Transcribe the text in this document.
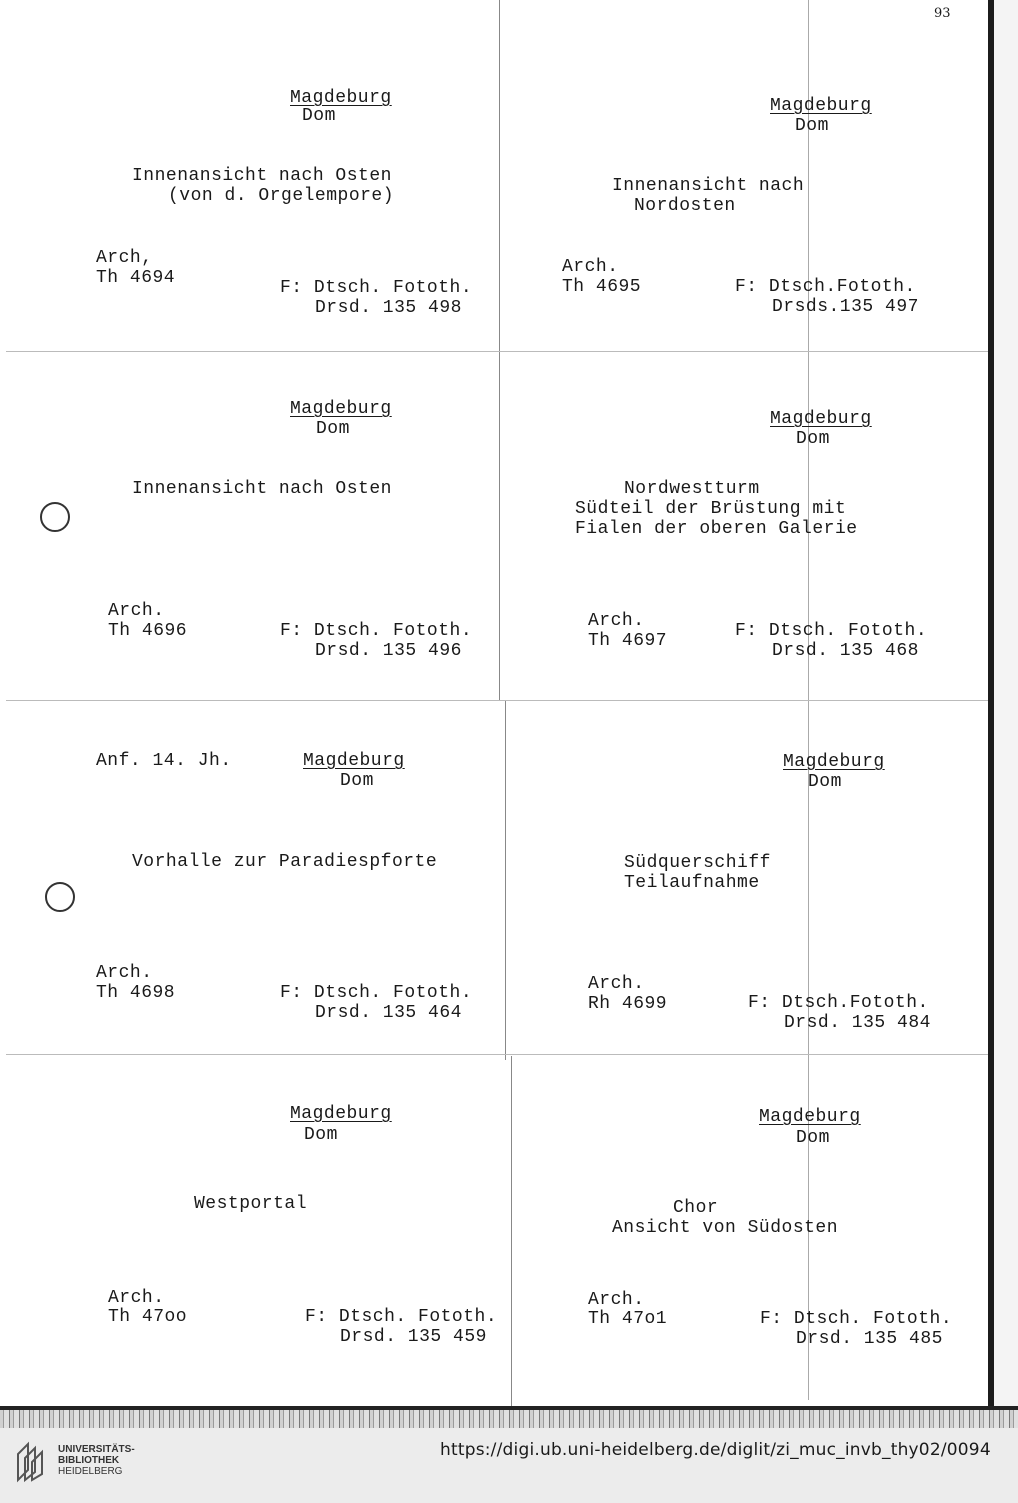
93
Magdeburg
Dom
Innenansicht nach Osten
(von d. Orgelempore)
Arch,
Th 4694	F: Dtsch. Fototh.
Drsd. 135 498
Magdeburg
Dom
Innenansicht nach
Nordosten
Arch.
Th 4695	F: Dtsch.Fototh.
Drsds.135 497
Magdeburg
Dom
Innenansicht nach Osten
Arch.
Th 4696	F: Dtsch. Fototh.
Drsd. 135 496
Magdeburg
Dom
Nordwestturm
Südteil der Brüstung mit
Fialen der oberen Galerie
Arch.
Th 4697	F: Dtsch. Fototh.
Drsd. 135 468
Anf. 14. Jh.	Magdeburg
Dom
Vorhalle zur Paradiespforte
Arch.
Th 4698	F: Dtsch. Fototh.
Drsd. 135 464
Magdeburg
Dom
Südquerschiff
Teilaufnahme
Arch.
Rh 4699	F: Dtsch.Fototh.
Drsd. 135 484
Magdeburg
Dom
Westportal
Arch.
Th 47oo	F: Dtsch. Fototh.
Drsd. 135 459
Magdeburg
Dom
Chor
Ansicht von Südosten
Arch.
Th 47o1	F: Dtsch. Fototh.
Drsd. 135 485
UNIVERSITÄTS-
BIBLIOTHEK
HEIDELBERG
https://digi.ub.uni-heidelberg.de/diglit/zi_muc_invb_thy02/0094
